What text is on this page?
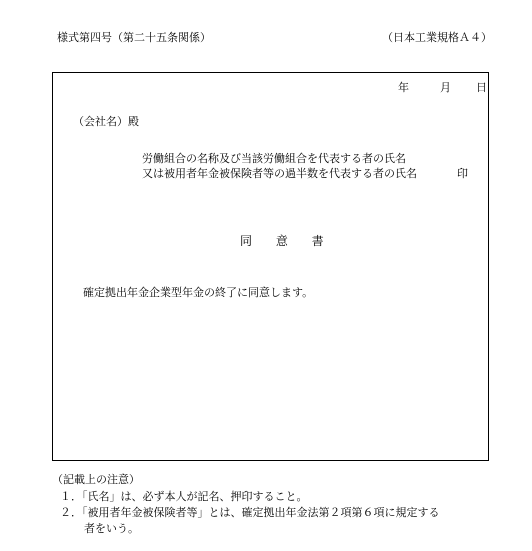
様式第四号（第二十五条関係）	（日本工業規格Ａ４）
年	月 日
（会社名）殿
労働組合の名称及び当該労働組合を代表する者の氏名
又は被用者年金被保険者等の過半数を代表する者の氏名	印
同 意 書
確定拠出年金企業型年金の終了に同意します。
（記載上の注意）
１．「氏名」は、必ず本人が記名、押印すること。
２．「被用者年金被保険者等」とは、確定拠出年金法第２項第６項に規定する
者をいう。
